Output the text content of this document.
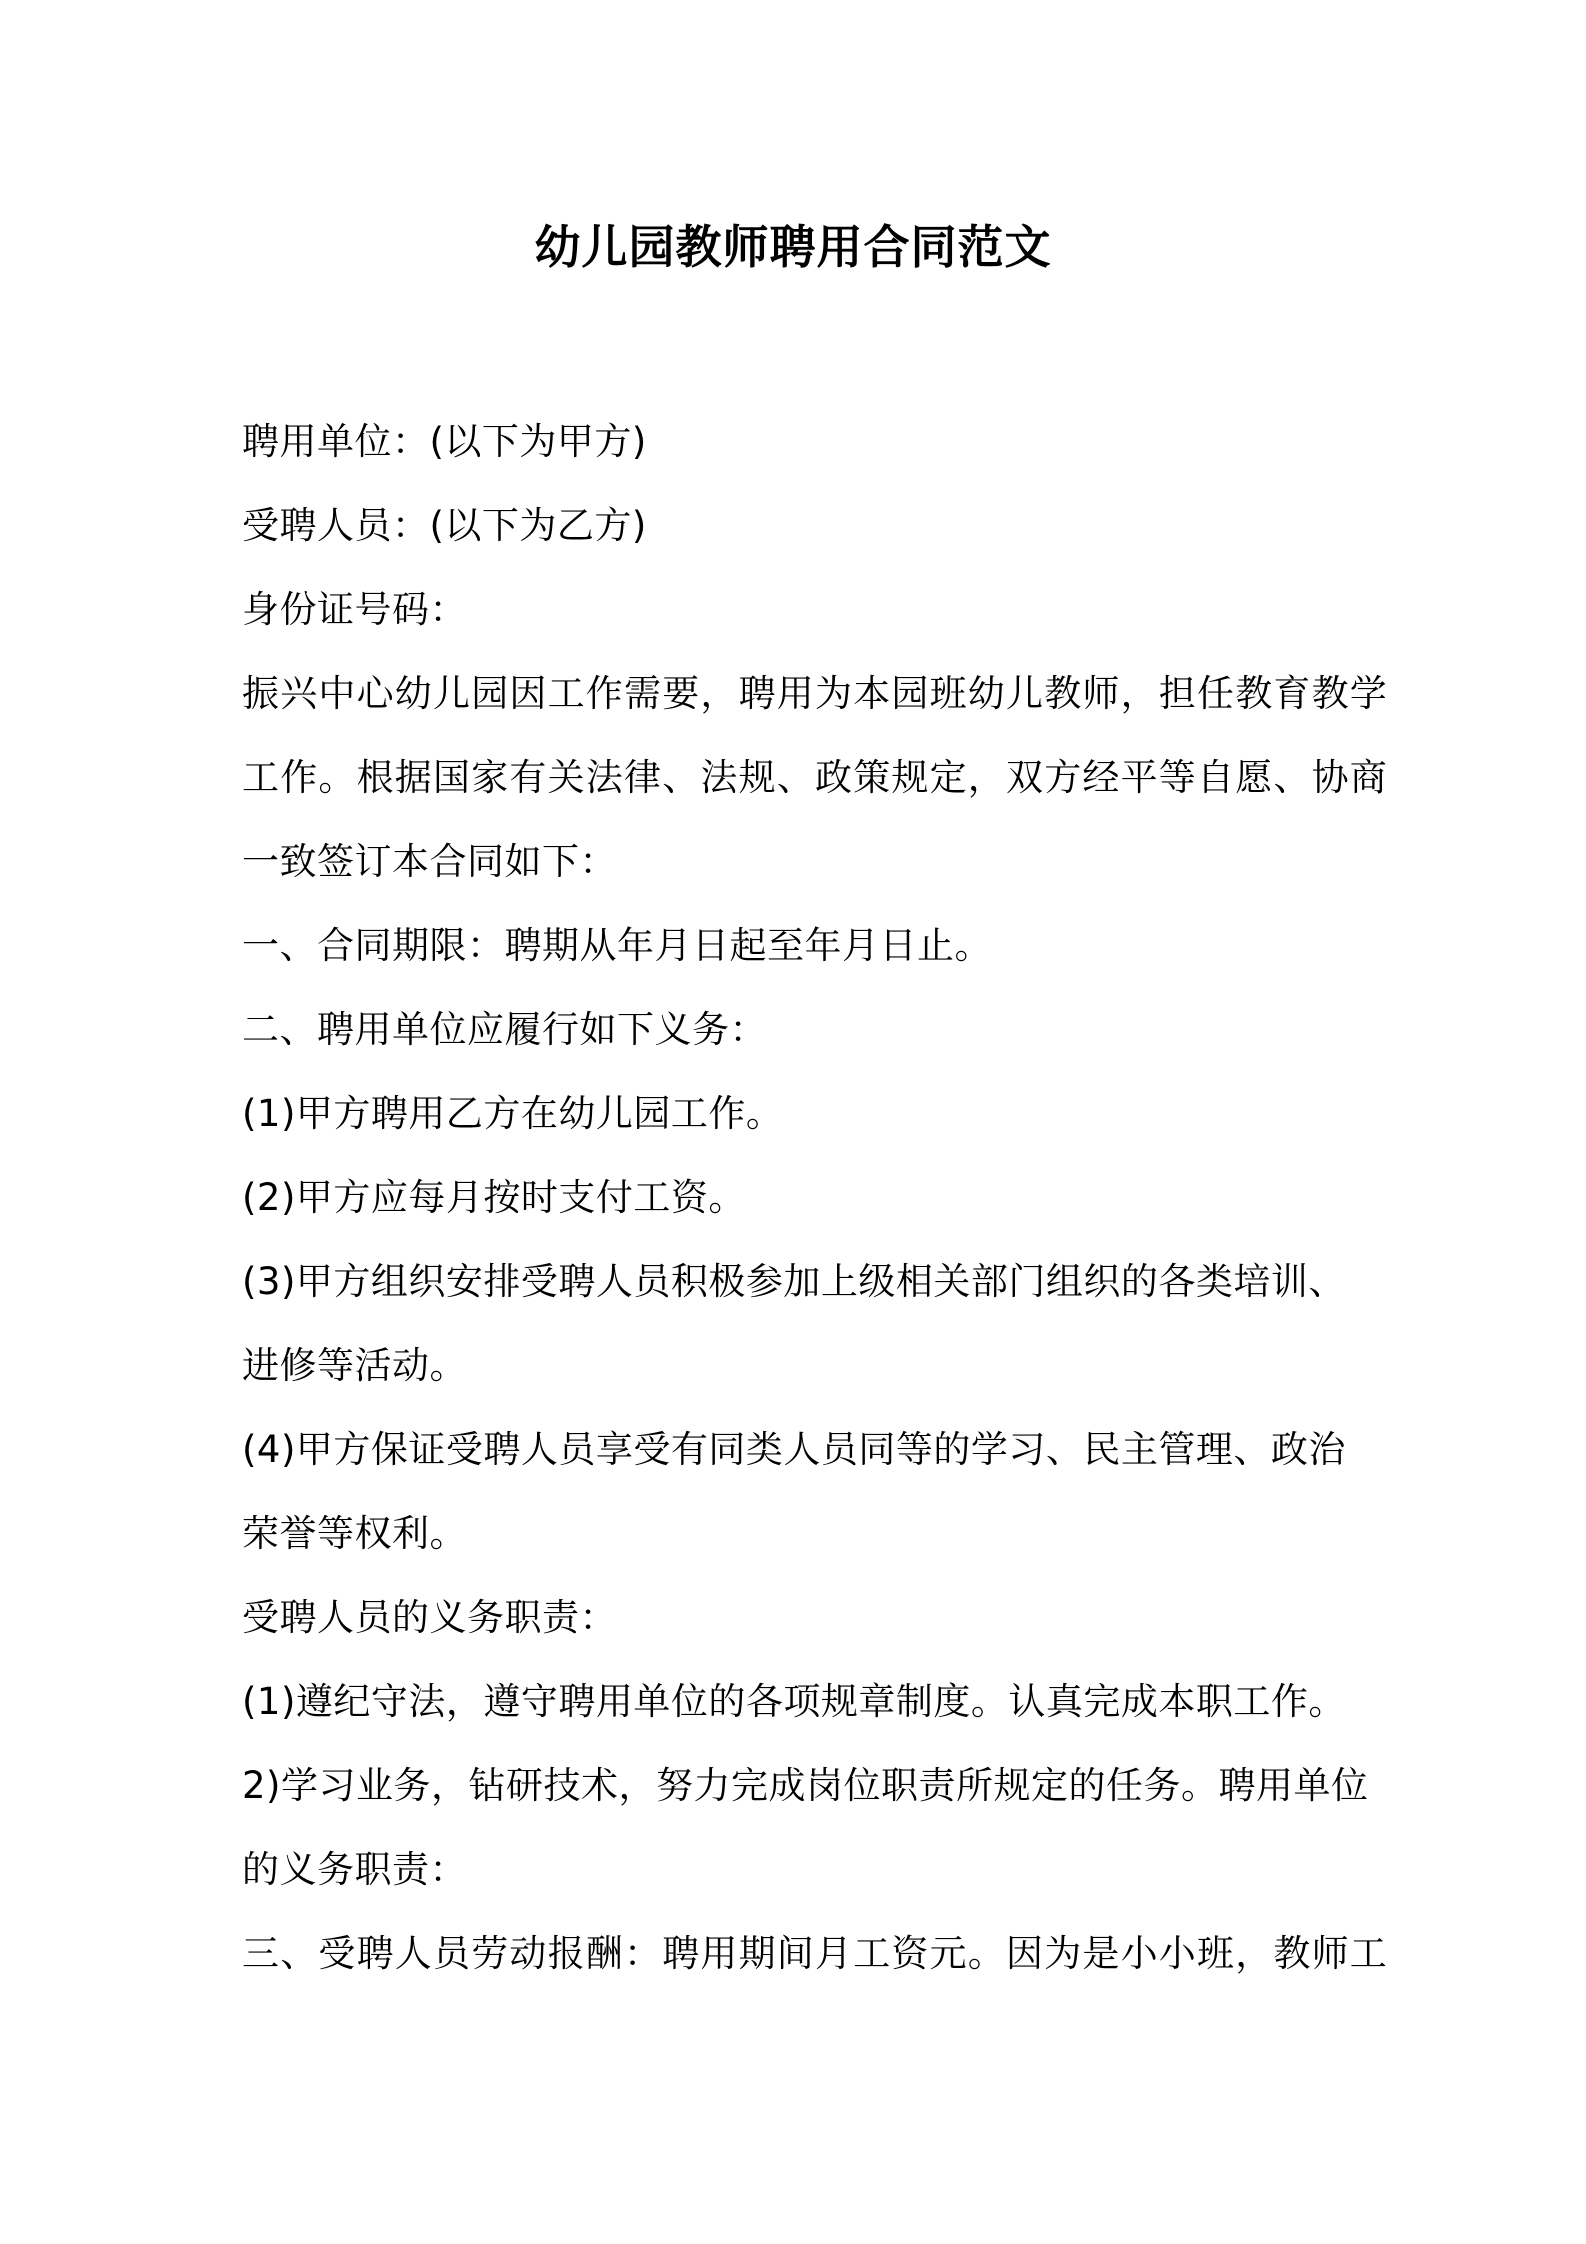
幼儿园教师聘用合同范文
聘用单位：(以下为甲方)
受聘人员：(以下为乙方)
身份证号码：
振兴中心幼儿园因工作需要，聘用为本园班幼儿教师，担任教育教学
工作。根据国家有关法律、法规、政策规定，双方经平等自愿、协商
一致签订本合同如下：
一、合同期限：聘期从年月日起至年月日止。
二、聘用单位应履行如下义务：
(1)甲方聘用乙方在幼儿园工作。
(2)甲方应每月按时支付工资。
(3)甲方组织安排受聘人员积极参加上级相关部门组织的各类培训、
进修等活动。
(4)甲方保证受聘人员享受有同类人员同等的学习、民主管理、政治
荣誉等权利。
受聘人员的义务职责：
(1)遵纪守法，遵守聘用单位的各项规章制度。认真完成本职工作。
2)学习业务，钻研技术，努力完成岗位职责所规定的任务。聘用单位
的义务职责：
三、受聘人员劳动报酬：聘用期间月工资元。因为是小小班，教师工
